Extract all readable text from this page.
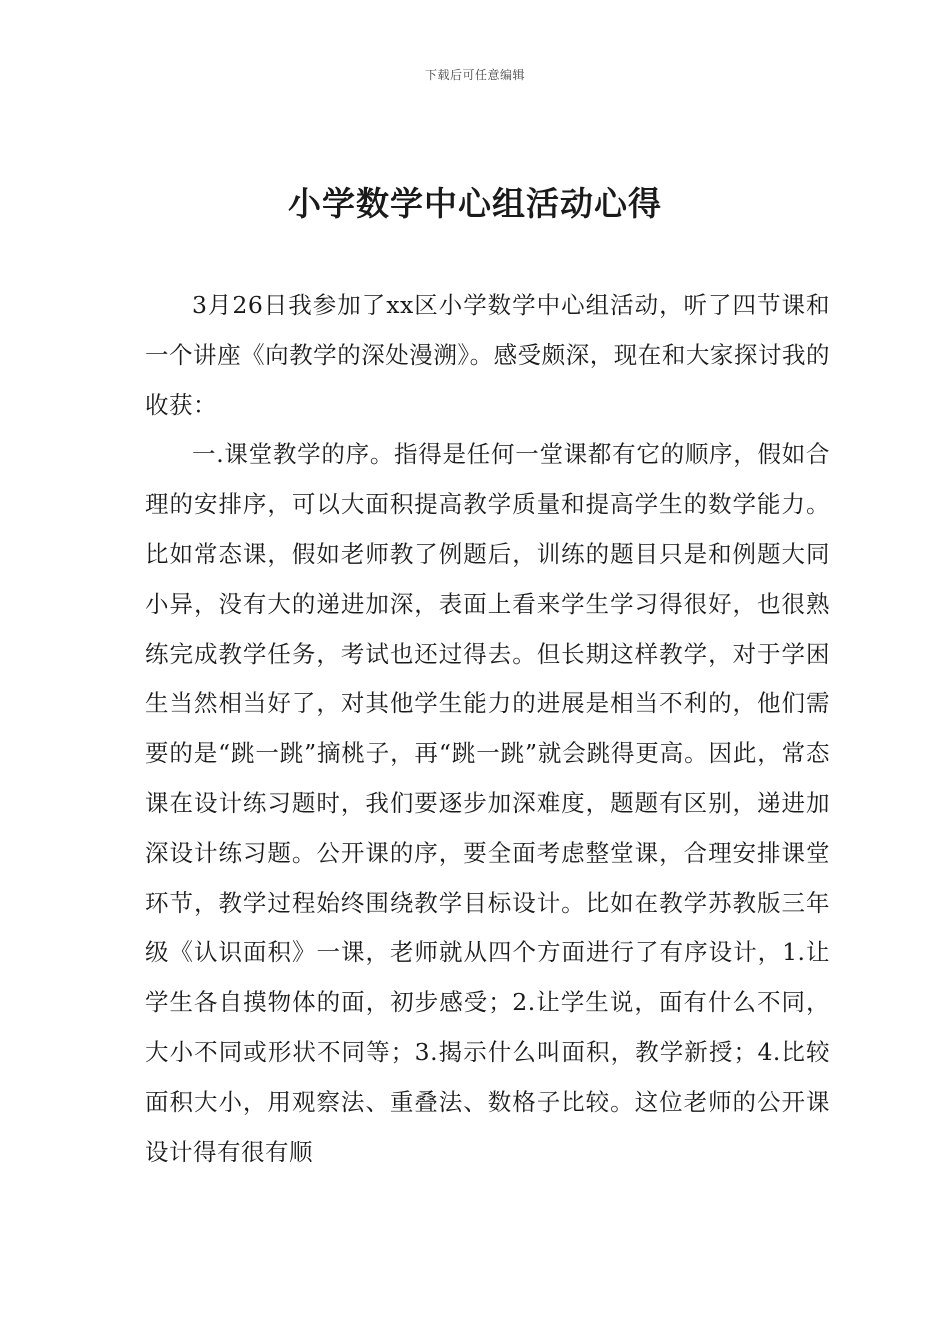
下载后可任意编辑
小学数学中心组活动心得

3月26日我参加了xx区小学数学中心组活动，听了四节课和一个讲座《向教学的深处漫溯》。感受颇深，现在和大家探讨我的收获：

一.课堂教学的序。指得是任何一堂课都有它的顺序，假如合理的安排序，可以大面积提高教学质量和提高学生的数学能力。比如常态课，假如老师教了例题后，训练的题目只是和例题大同小异，没有大的递进加深，表面上看来学生学习得很好，也很熟练完成教学任务，考试也还过得去。但长期这样教学，对于学困生当然相当好了，对其他学生能力的进展是相当不利的，他们需要的是“跳一跳”摘桃子，再“跳一跳”就会跳得更高。因此，常态课在设计练习题时，我们要逐步加深难度，题题有区别，递进加深设计练习题。公开课的序，要全面考虑整堂课，合理安排课堂环节，教学过程始终围绕教学目标设计。比如在教学苏教版三年级《认识面积》一课，老师就从四个方面进行了有序设计，1.让学生各自摸物体的面，初步感受；2.让学生说，面有什么不同，大小不同或形状不同等；3.揭示什么叫面积，教学新授；4.比较面积大小，用观察法、重叠法、数格子比较。这位老师的公开课设计得有很有顺
